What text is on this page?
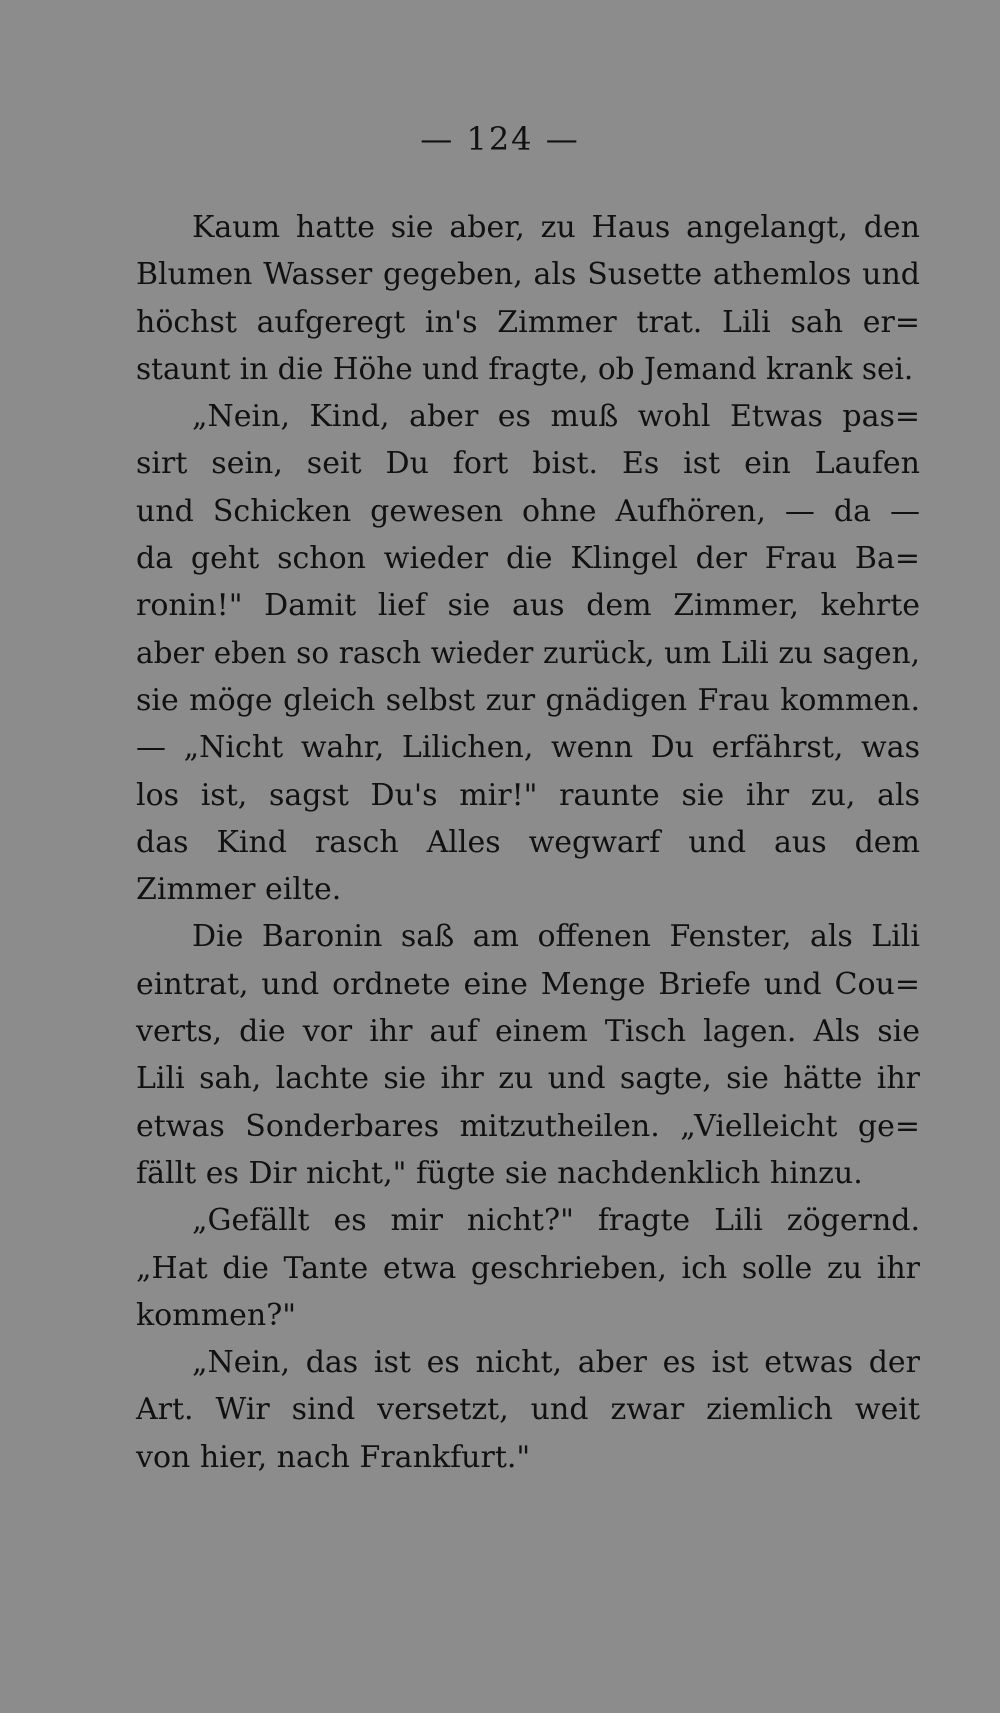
— 124 —
Kaum hatte sie aber, zu Haus angelangt, den
Blumen Wasser gegeben, als Susette athemlos und
höchst aufgeregt in's Zimmer trat. Lili sah er=
staunt in die Höhe und fragte, ob Jemand krank sei.
„Nein, Kind, aber es muß wohl Etwas pas=
sirt sein, seit Du fort bist. Es ist ein Laufen
und Schicken gewesen ohne Aufhören, — da —
da geht schon wieder die Klingel der Frau Ba=
ronin!" Damit lief sie aus dem Zimmer, kehrte
aber eben so rasch wieder zurück, um Lili zu sagen,
sie möge gleich selbst zur gnädigen Frau kommen.
— „Nicht wahr, Lilichen, wenn Du erfährst, was
los ist, sagst Du's mir!" raunte sie ihr zu, als
das Kind rasch Alles wegwarf und aus dem
Zimmer eilte.
Die Baronin saß am offenen Fenster, als Lili
eintrat, und ordnete eine Menge Briefe und Cou=
verts, die vor ihr auf einem Tisch lagen. Als sie
Lili sah, lachte sie ihr zu und sagte, sie hätte ihr
etwas Sonderbares mitzutheilen. „Vielleicht ge=
fällt es Dir nicht," fügte sie nachdenklich hinzu.
„Gefällt es mir nicht?" fragte Lili zögernd.
„Hat die Tante etwa geschrieben, ich solle zu ihr
kommen?"
„Nein, das ist es nicht, aber es ist etwas der
Art. Wir sind versetzt, und zwar ziemlich weit
von hier, nach Frankfurt."
